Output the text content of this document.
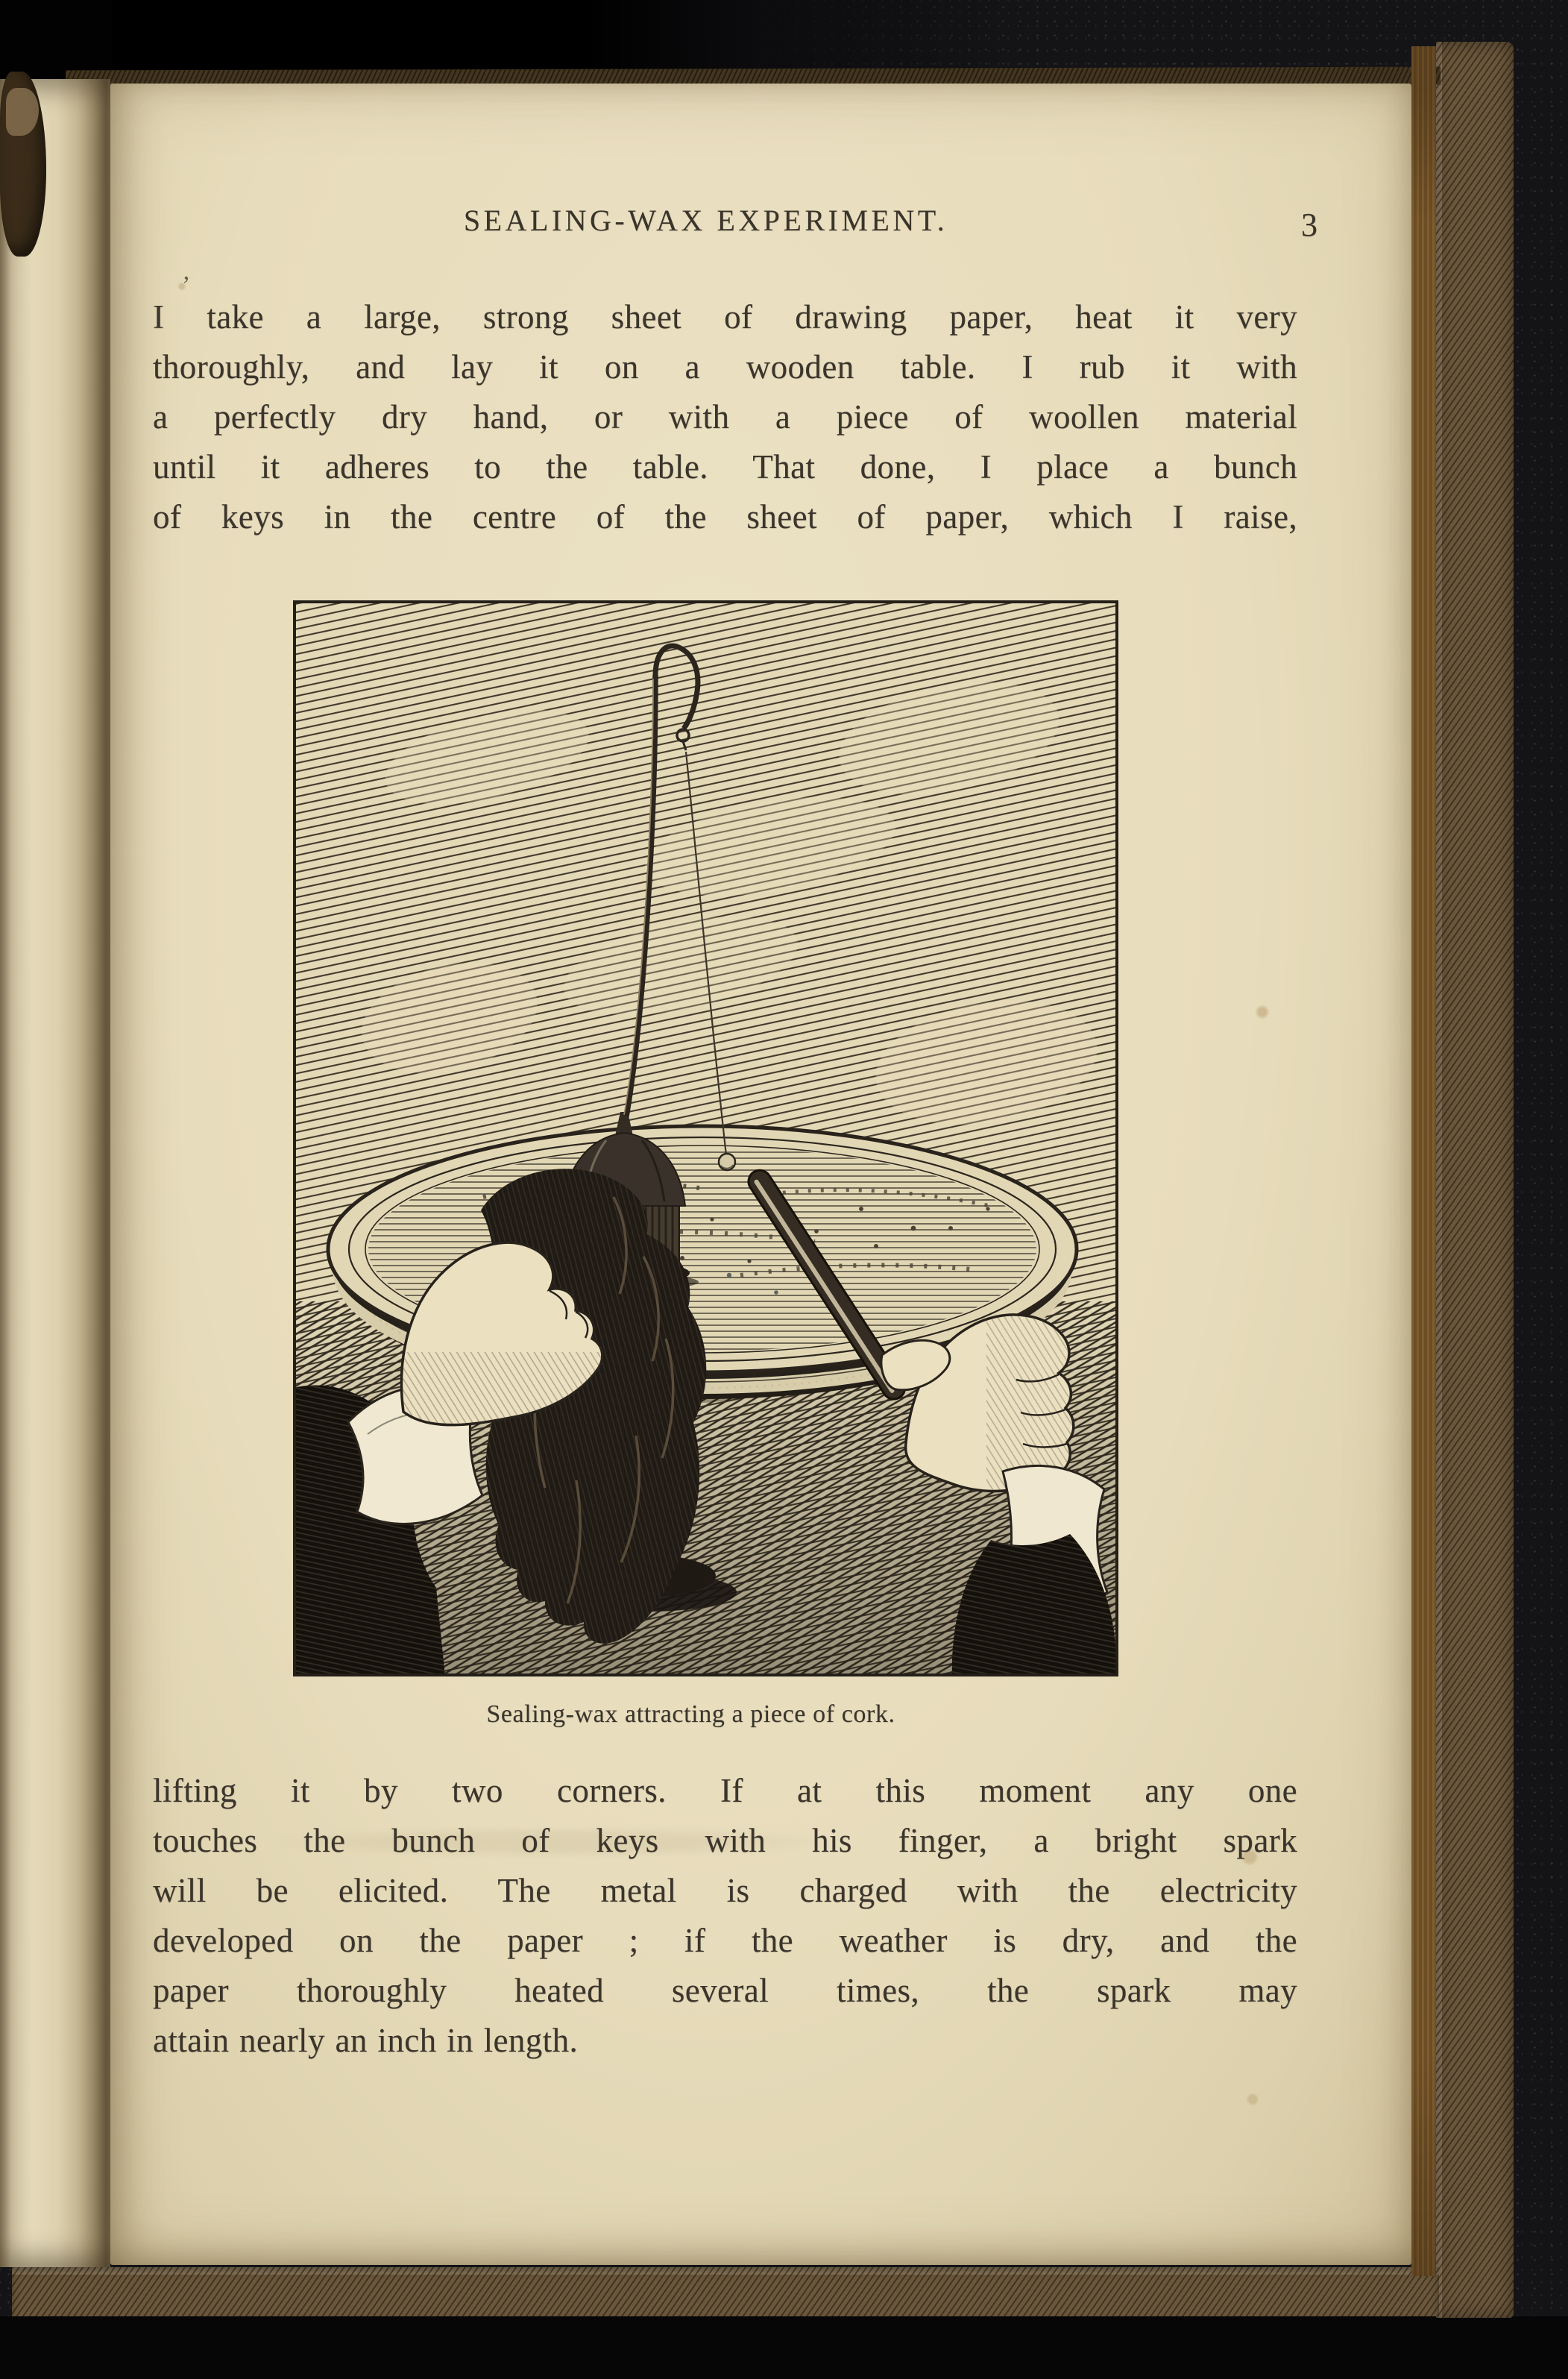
’
SEALING-WAX EXPERIMENT.	3
I take a large, strong sheet of drawing paper, heat it very
thoroughly, and lay it on a wooden table. I rub it with
a perfectly dry hand, or with a piece of woollen material
until it adheres to the table. That done, I place a bunch
of keys in the centre of the sheet of paper, which I raise,
Sealing-wax attracting a piece of cork.
lifting it by two corners. If at this moment any one
touches the bunch of keys with his finger, a bright spark
will be elicited. The metal is charged with the electricity
developed on the paper ; if the weather is dry, and the
paper thoroughly heated several times, the spark may
attain nearly an inch in length.
